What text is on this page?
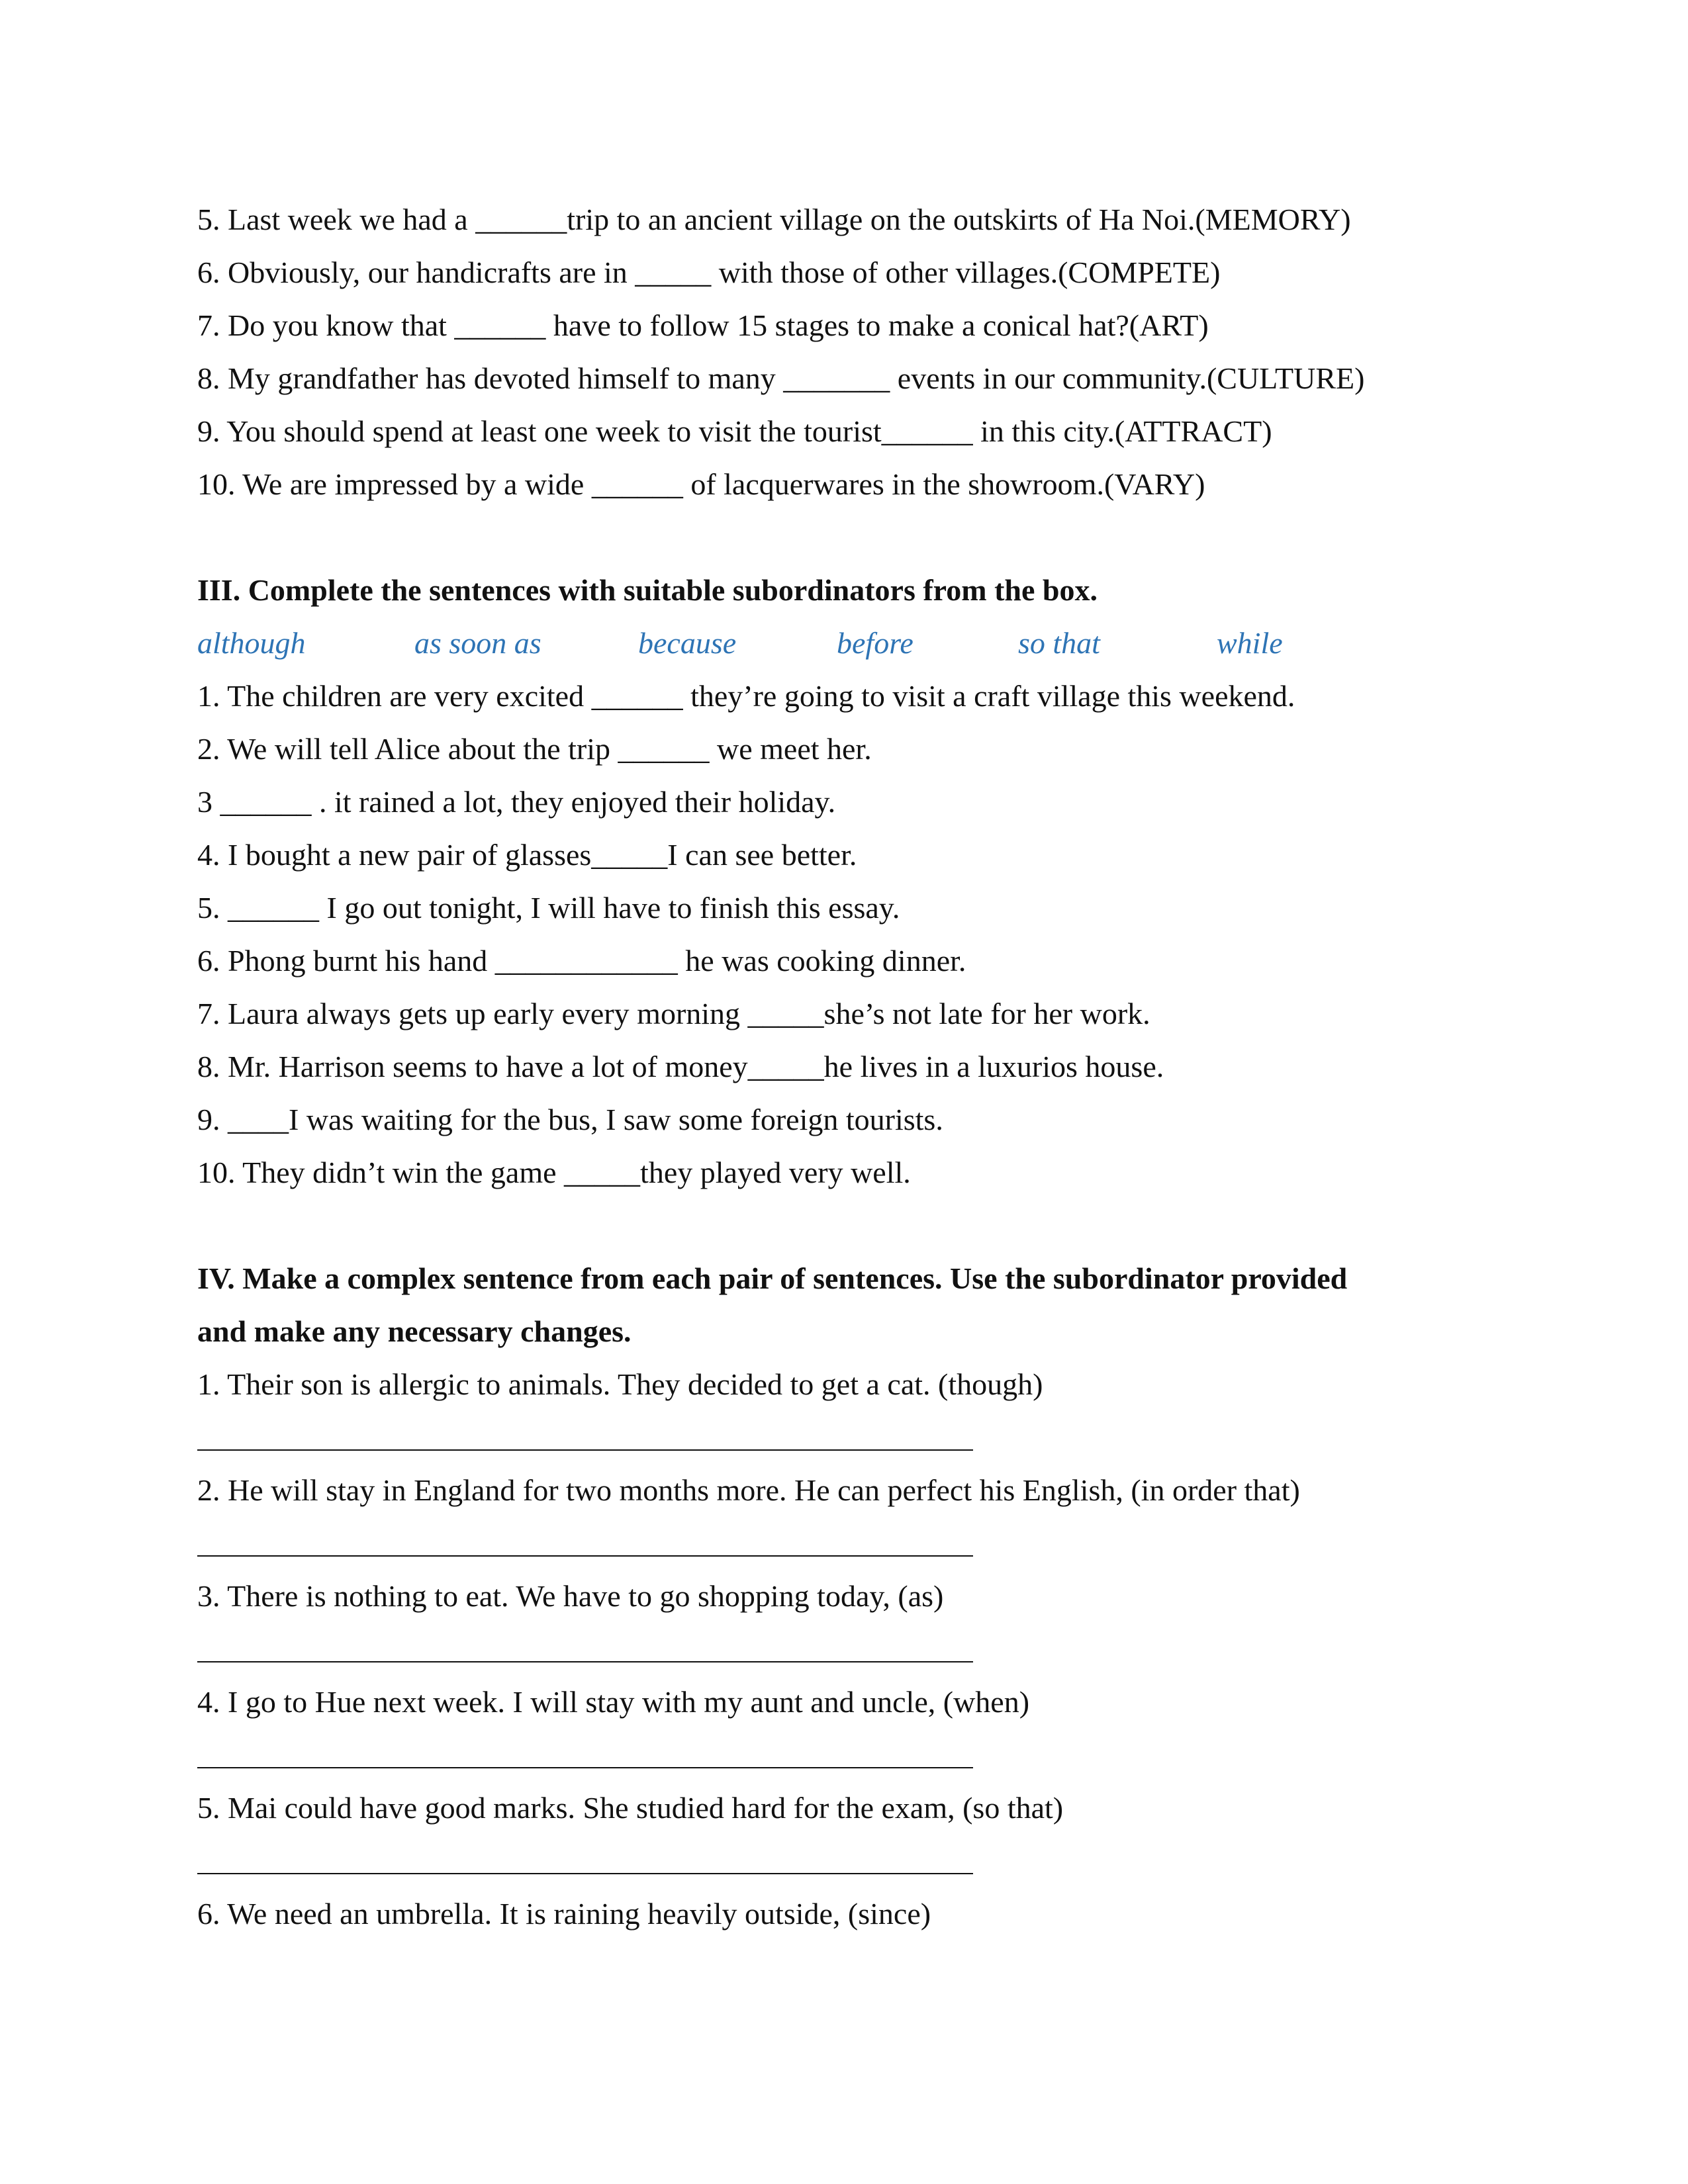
5. Last week we had a ______trip to an ancient village on the outskirts of Ha Noi.(MEMORY)
6. Obviously, our handicrafts are in _____ with those of other villages.(COMPETE)
7. Do you know that ______ have to follow 15 stages to make a conical hat?(ART)
8. My grandfather has devoted himself to many _______ events in our community.(CULTURE)
9. You should spend at least one week to visit the tourist______ in this city.(ATTRACT)
10. We are impressed by a wide ______ of lacquerwares in the showroom.(VARY)
III. Complete the sentences with suitable subordinators from the box.
although	as soon as	because	before	so that	while
1. The children are very excited ______ they’re going to visit a craft village this weekend.
2. We will tell Alice about the trip ______ we meet her.
3 ______ . it rained a lot, they enjoyed their holiday.
4. I bought a new pair of glasses_____I can see better.
5. ______ I go out tonight, I will have to finish this essay.
6. Phong burnt his hand ____________ he was cooking dinner.
7. Laura always gets up early every morning _____she’s not late for her work.
8. Mr. Harrison seems to have a lot of money_____he lives in a luxurios house.
9. ____I was waiting for the bus, I saw some foreign tourists.
10. They didn’t win the game _____they played very well.
IV. Make a complex sentence from each pair of sentences. Use the subordinator provided
and make any necessary changes.
1. Their son is allergic to animals. They decided to get a cat. (though)
2. He will stay in England for two months more. He can perfect his English, (in order that)
3. There is nothing to eat. We have to go shopping today, (as)
4. I go to Hue next week. I will stay with my aunt and uncle, (when)
5. Mai could have good marks. She studied hard for the exam, (so that)
6. We need an umbrella. It is raining heavily outside, (since)
